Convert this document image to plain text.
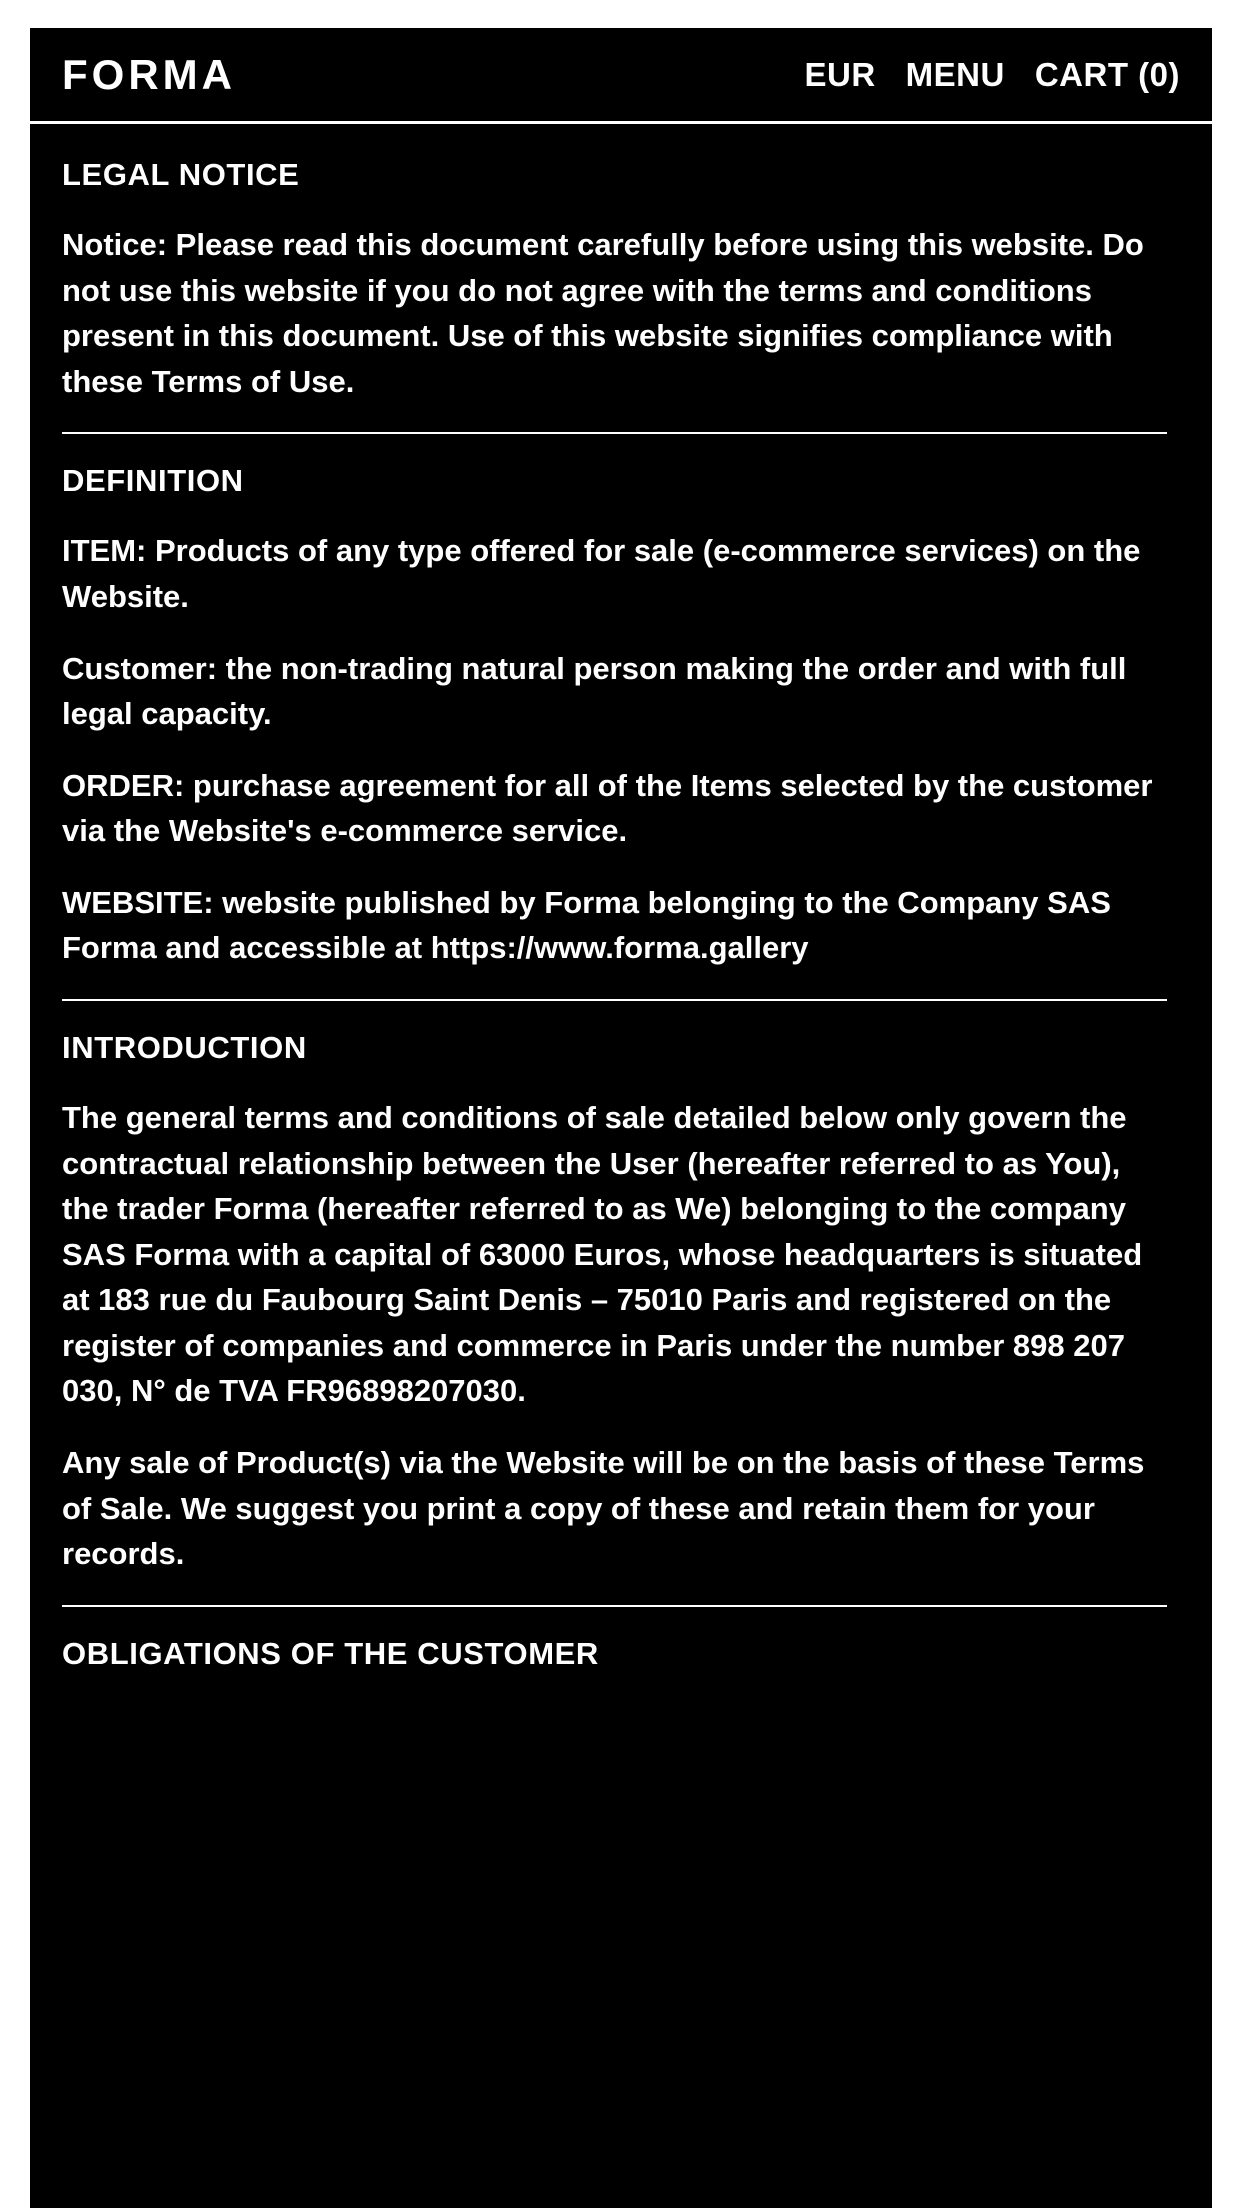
FORMA	EUR MENU CART (0)
LEGAL NOTICE

Notice: Please read this document carefully before using this website. Do not use this website if you do not agree with the terms and conditions present in this document. Use of this website signifies compliance with these Terms of Use.

DEFINITION

ITEM: Products of any type offered for sale (e-commerce services) on the Website.

Customer: the non-trading natural person making the order and with full legal capacity.

ORDER: purchase agreement for all of the Items selected by the customer via the Website's e-commerce service.

WEBSITE: website published by Forma belonging to the Company SAS Forma and accessible at https://www.forma.gallery

INTRODUCTION

The general terms and conditions of sale detailed below only govern the contractual relationship between the User (hereafter referred to as You), the trader Forma (hereafter referred to as We) belonging to the company SAS Forma with a capital of 63000 Euros, whose headquarters is situated at 183 rue du Faubourg Saint Denis – 75010 Paris and registered on the register of companies and commerce in Paris under the number 898 207 030, N° de TVA FR96898207030.

Any sale of Product(s) via the Website will be on the basis of these Terms of Sale. We suggest you print a copy of these and retain them for your records.

OBLIGATIONS OF THE CUSTOMER
